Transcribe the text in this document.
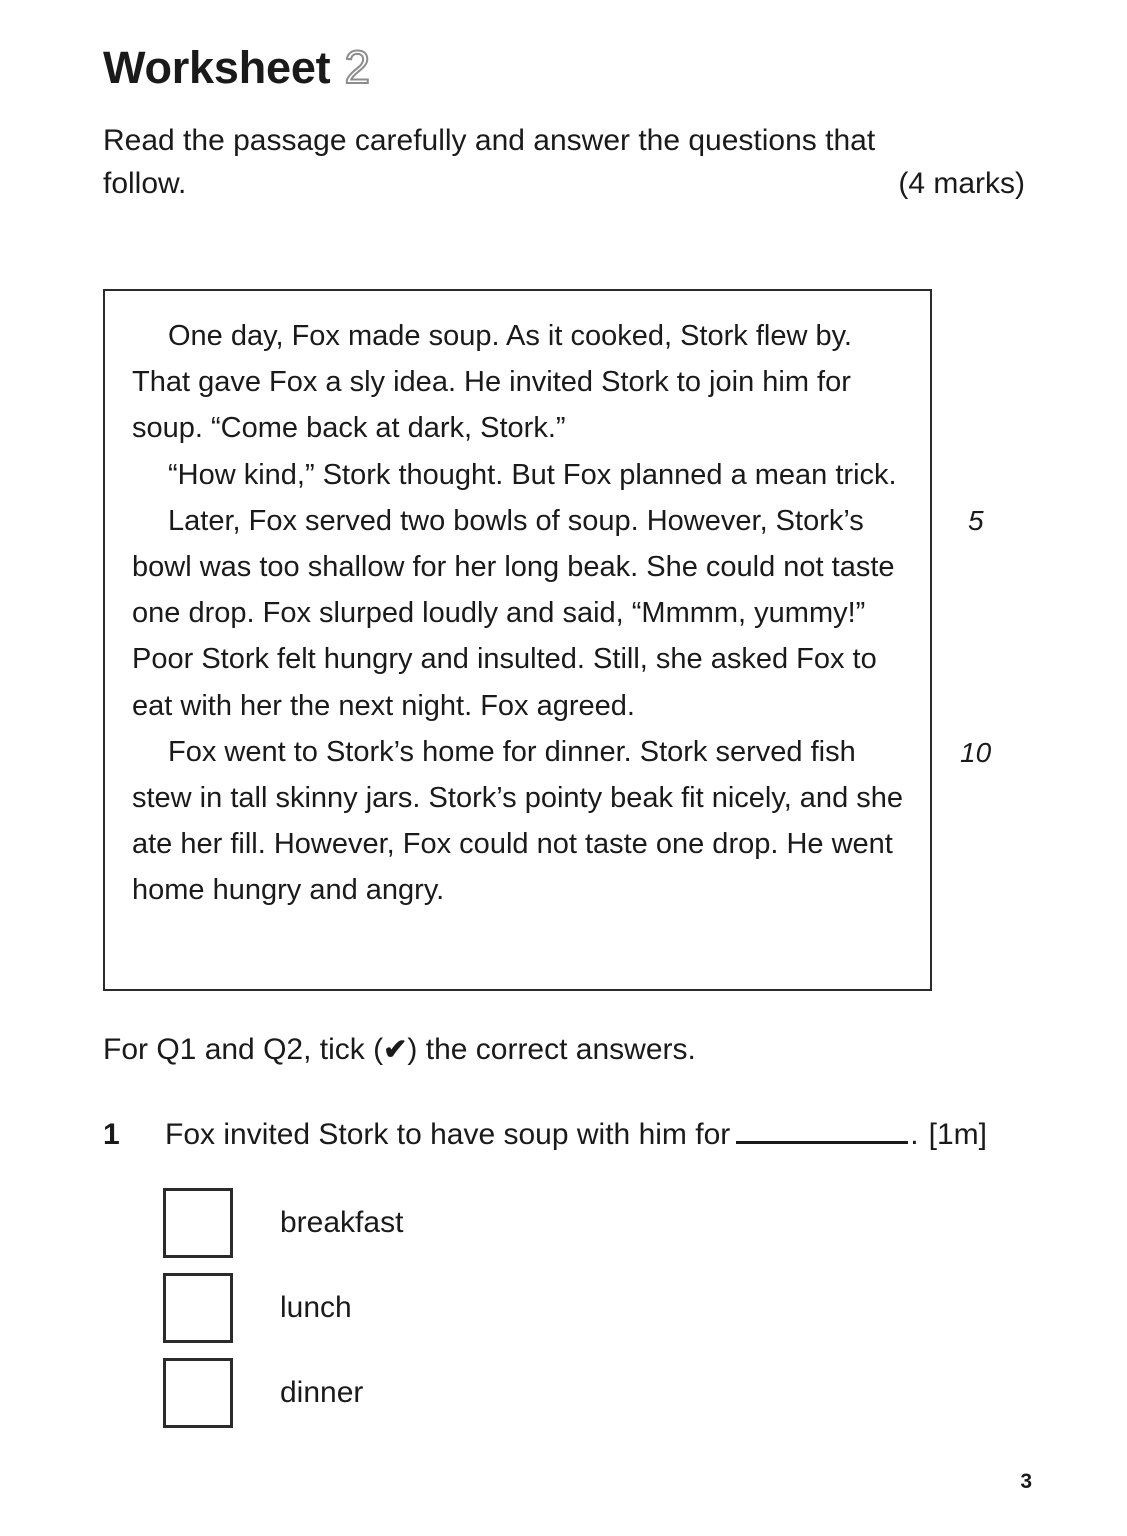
Worksheet 2
Read the passage carefully and answer the questions that
follow.	(4 marks)

One day, Fox made soup. As it cooked, Stork flew by. That gave Fox a sly idea. He invited Stork to join him for soup. “Come back at dark, Stork.”

“How kind,” Stork thought. But Fox planned a mean trick.

Later, Fox served two bowls of soup. However, Stork’s bowl was too shallow for her long beak. She could not taste one drop. Fox slurped loudly and said, “Mmmm, yummy!” Poor Stork felt hungry and insulted. Still, she asked Fox to eat with her the next night. Fox agreed.

Fox went to Stork’s home for dinner. Stork served fish stew in tall skinny jars. Stork’s pointy beak fit nicely, and she ate her fill. However, Fox could not taste one drop. He went home hungry and angry.

5
10
For Q1 and Q2, tick (✔) the correct answers.
1	Fox invited Stork to have soup with him for	. [1m]
breakfast
lunch
dinner
3
